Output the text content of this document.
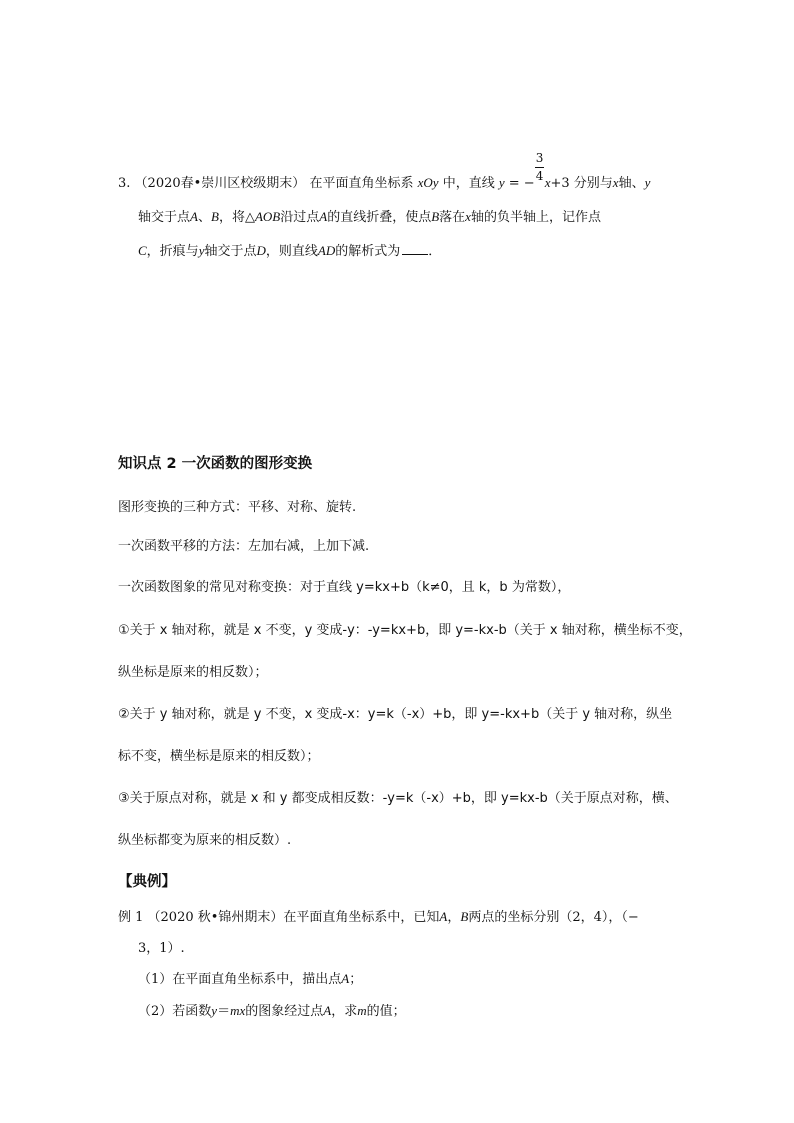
3. （2020春•崇川区校级期末） 在平面直角坐标系 xOy 中，直线 y = − $\frac{3}{4} x+3$ 分别与x轴、y
轴交于点A、B，将△AOB沿过点A的直线折叠，使点B落在x轴的负半轴上，记作点
C，折痕与y轴交于点D，则直线AD的解析式为 ．
知识点 2 一次函数的图形变换
图形变换的三种方式：平移、对称、旋转.
一次函数平移的方法：左加右减，上加下减.
一次函数图象的常见对称变换：对于直线 y=kx+b（k≠0，且 k，b 为常数），
①关于 x 轴对称，就是 x 不变，y 变成-y：-y=kx+b，即 y=-kx-b（关于 x 轴对称，横坐标不变，
纵坐标是原来的相反数）；
②关于 y 轴对称，就是 y 不变，x 变成-x：y=k（-x）+b，即 y=-kx+b（关于 y 轴对称，纵坐
标不变，横坐标是原来的相反数）；
③关于原点对称，就是 x 和 y 都变成相反数：-y=k（-x）+b，即 y=kx-b（关于原点对称，横、
纵坐标都变为原来的相反数）.
【典例】
例 1 （2020 秋•锦州期末）在平面直角坐标系中，已知A，B两点的坐标分别（2，4），（−
3，1）.
（1）在平面直角坐标系中，描出点A；
（2）若函数y＝mx的图象经过点A，求m的值；
